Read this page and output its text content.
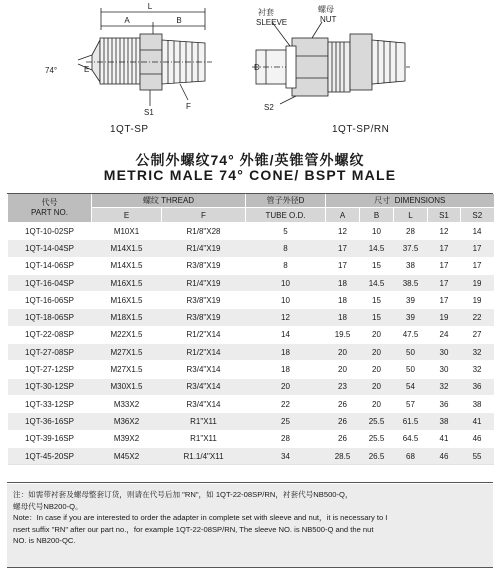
L
A	B
74°	E
S1
F
衬套
SLEEVE
螺母
NUT
D
S2
1QT-SP	1QT-SP/RN
公制外螺纹74° 外锥/英锥管外螺纹
METRIC MALE 74° CONE/ BSPT MALE
代号
PART NO.	螺纹 THREAD		管子外径D	尺寸 DIMENSIONS				
	E	F	TUBE O.D.	A	B	L	S1	S2
1QT-10-02SP	M10X1	R1/8"X28	5	12	10	28	12	14
1QT-14-04SP	M14X1.5	R1/4"X19	8	17	14.5	37.5	17	17
1QT-14-06SP	M14X1.5	R3/8"X19	8	17	15	38	17	17
1QT-16-04SP	M16X1.5	R1/4"X19	10	18	14.5	38.5	17	19
1QT-16-06SP	M16X1.5	R3/8"X19	10	18	15	39	17	19
1QT-18-06SP	M18X1.5	R3/8"X19	12	18	15	39	19	22
1QT-22-08SP	M22X1.5	R1/2"X14	14	19.5	20	47.5	24	27
1QT-27-08SP	M27X1.5	R1/2"X14	18	20	20	50	30	32
1QT-27-12SP	M27X1.5	R3/4"X14	18	20	20	50	30	32
1QT-30-12SP	M30X1.5	R3/4"X14	20	23	20	54	32	36
1QT-33-12SP	M33X2	R3/4"X14	22	26	20	57	36	38
1QT-36-16SP	M36X2	R1"X11	25	26	25.5	61.5	38	41
1QT-39-16SP	M39X2	R1"X11	28	26	25.5	64.5	41	46
1QT-45-20SP	M45X2	R1.1/4"X11	34	28.5	26.5	68	46	55

注：如需带衬套及螺母整套订货，则请在代号后加 "RN"，如 1QT-22-08SP/RN，衬套代号NB500-Q，

螺母代号NB200-Q。

Note：In case if you are interested to order the adapter in complete set with sleeve and nut，it is necessary to I

nsert suffix "RN" after our part no.，for example 1QT-22-08SP/RN, The sleeve NO. is NB500-Q and the nut

NO. is NB200-QC.
